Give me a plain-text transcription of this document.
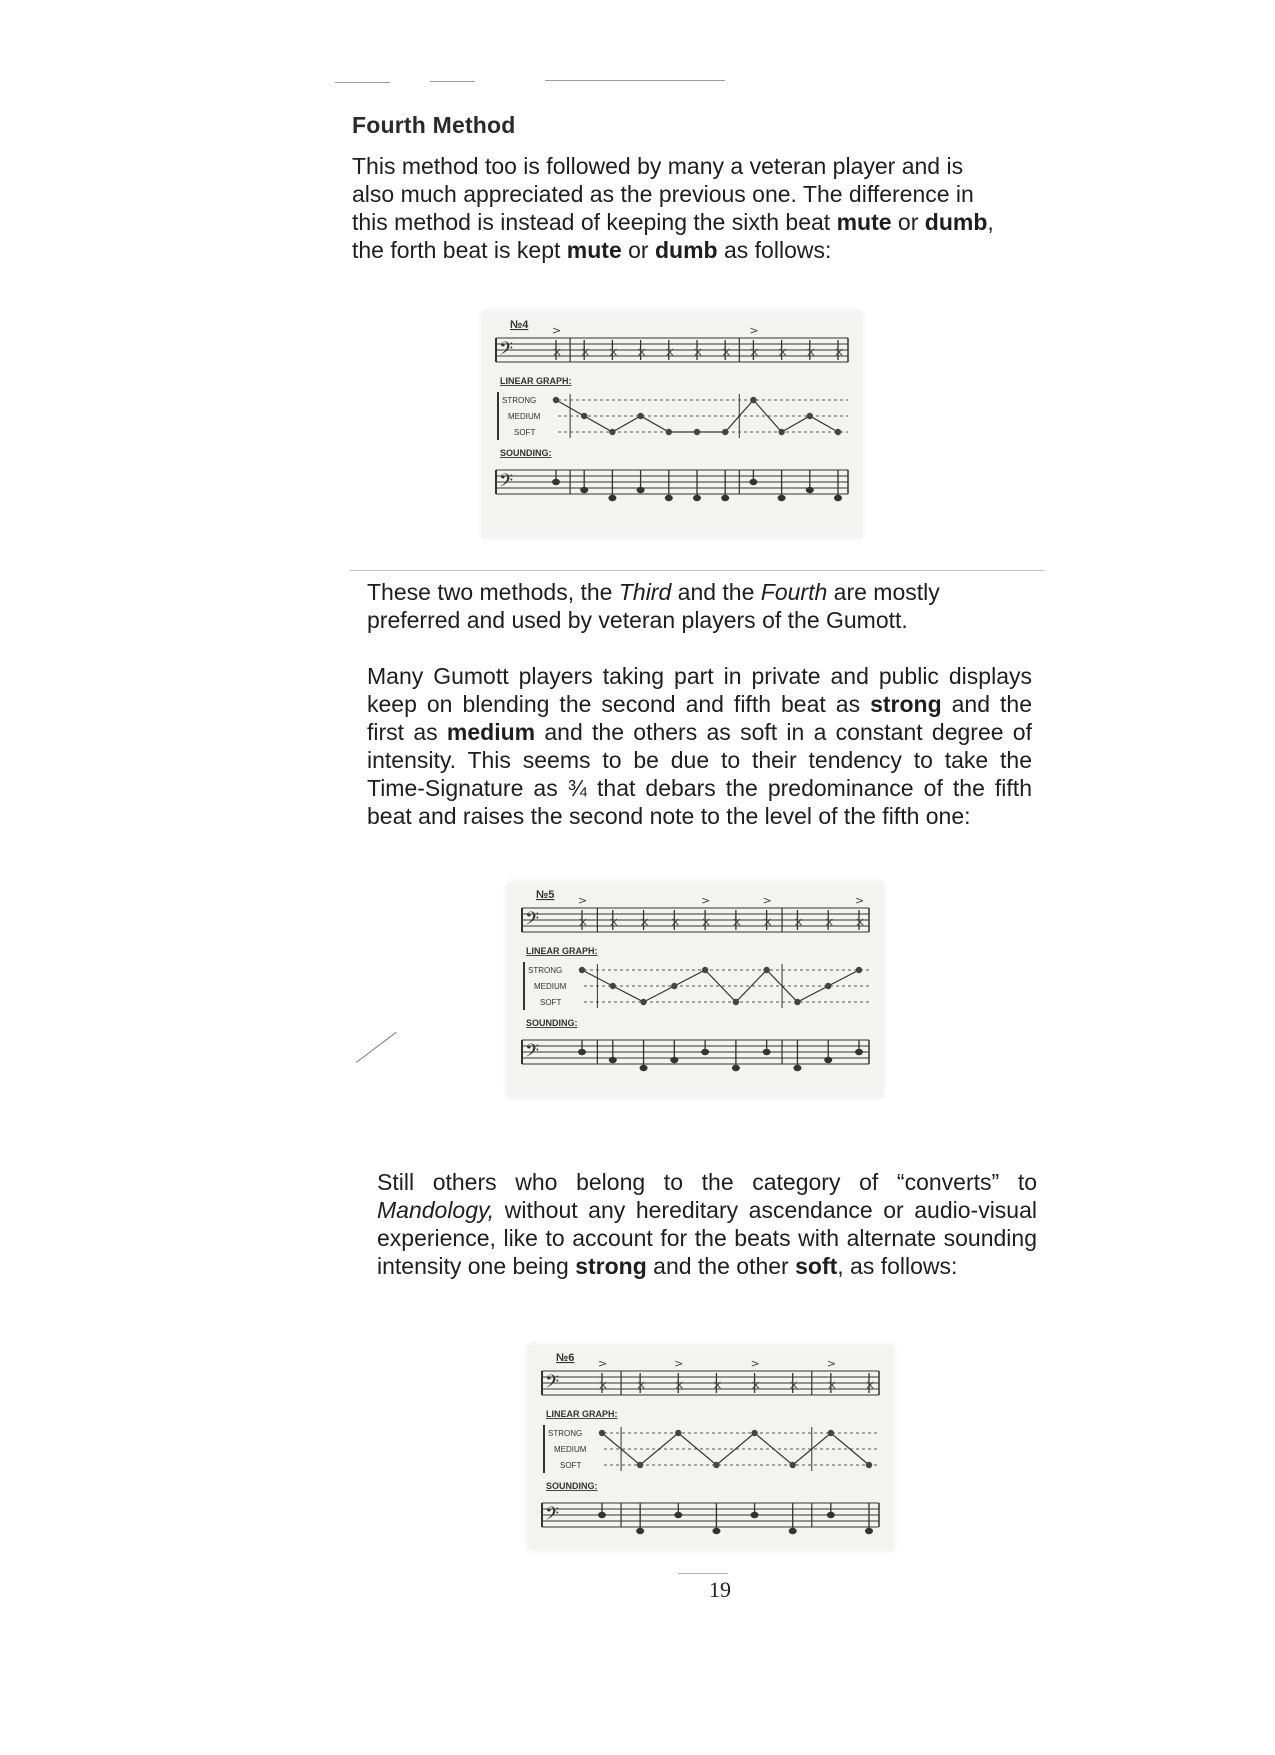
Fourth Method

This method too is followed by many a veteran player and is also much appreciated as the previous one. The difference in this method is instead of keeping the sixth beat mute or dumb, the forth beat is kept mute or dumb as follows:

№4
𝄢	×
>
× × × × × × ×
>
× × ×
LINEAR GRAPH:
STRONG
MEDIUM
SOFT
SOUNDING:
𝄢

These two methods, the Third and the Fourth are mostly preferred and used by veteran players of the Gumott.

Many Gumott players taking part in private and public displays keep on blending the second and fifth beat as strong and the first as medium and the others as soft in a constant degree of intensity. This seems to be due to their tendency to take the Time-Signature as ¾ that debars the predominance of the fifth beat and raises the second note to the level of the fifth one:

№5
𝄢	×
>
× × × ×
>
× ×
>
× × ×
>
LINEAR GRAPH:
STRONG
MEDIUM
SOFT
SOUNDING:
𝄢

Still others who belong to the category of “converts” to Mandology, without any hereditary ascendance or audio-visual experience, like to account for the beats with alternate sounding intensity one being strong and the other soft, as follows:

№6
𝄢	×
>
× ×
>
× ×
>
× ×
>
×
LINEAR GRAPH:
STRONG
MEDIUM
SOFT
SOUNDING:
𝄢
19
